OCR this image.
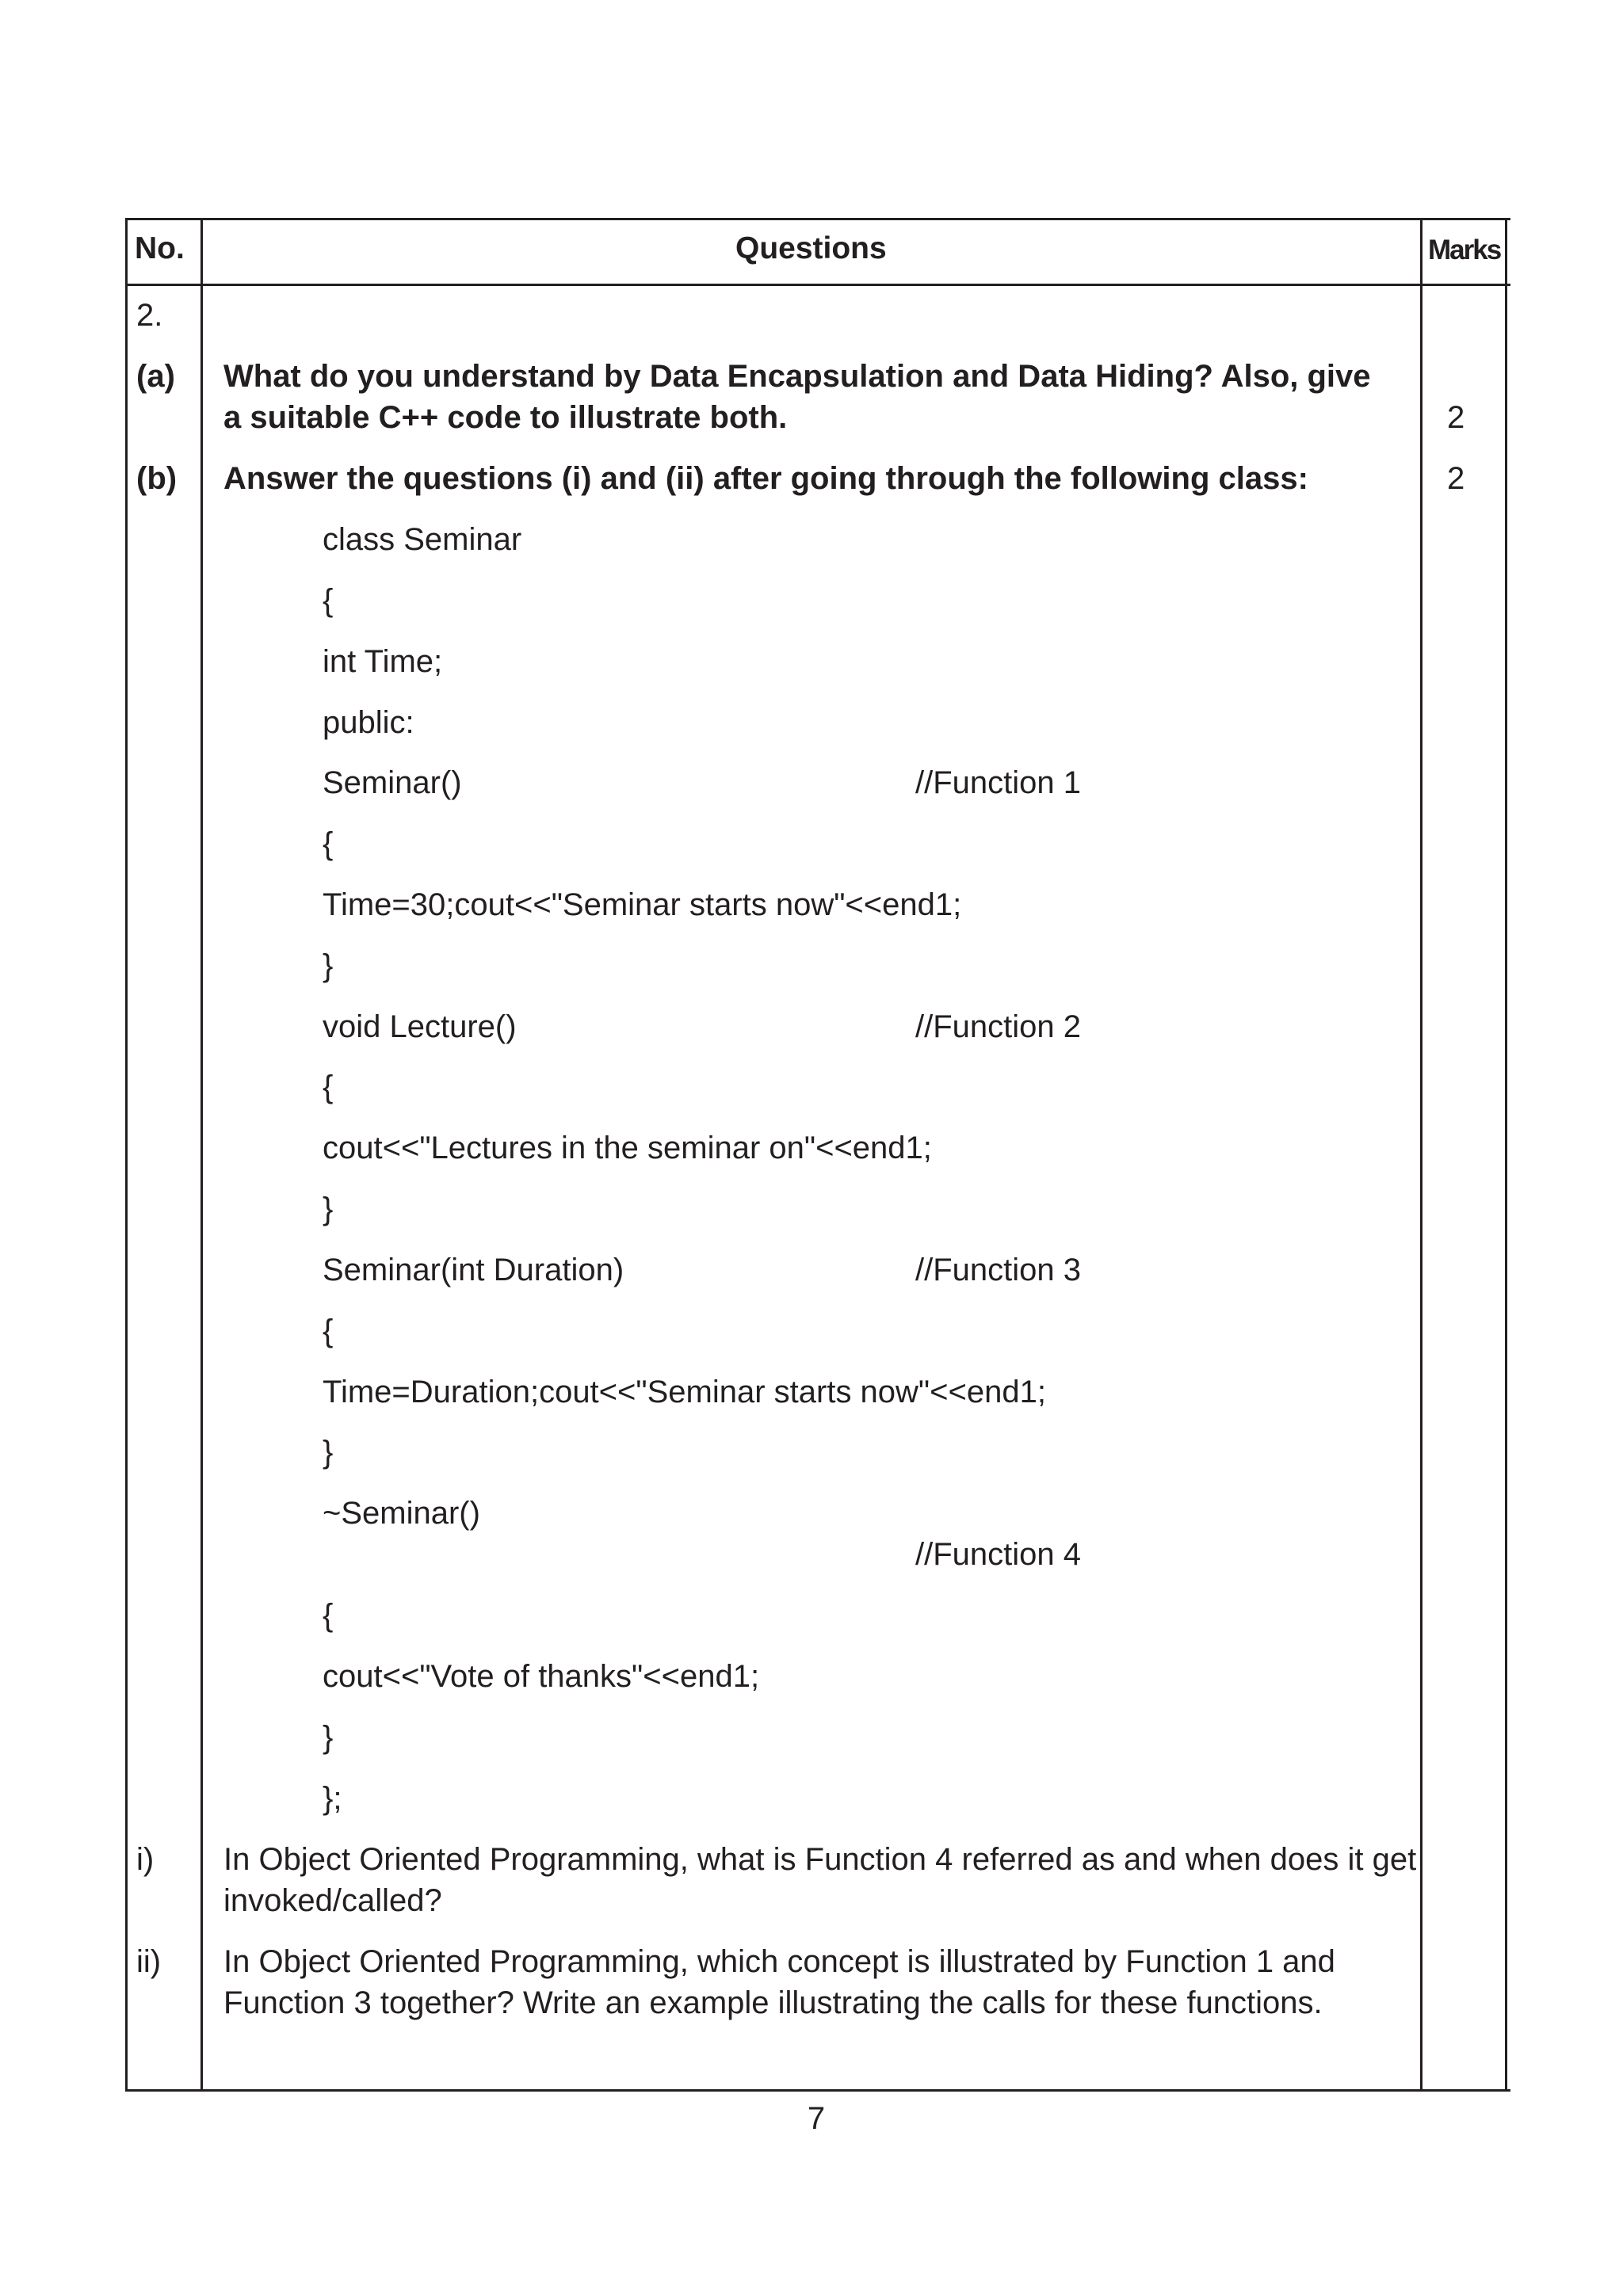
No.	Questions	Marks
2.
(a) What do you understand by Data Encapsulation and Data Hiding? Also, give
a suitable C++ code to illustrate both.	2
(b) Answer the questions (i) and (ii) after going through the following class:	2
class Seminar
{
int Time;
public:
Seminar()	//Function 1
{
Time=30;cout<<"Seminar starts now"<<end1;
}
void Lecture()	//Function 2
{
cout<<"Lectures in the seminar on"<<end1;
}
Seminar(int Duration)	//Function 3
{
Time=Duration;cout<<"Seminar starts now"<<end1;
}
~Seminar()
//Function 4
{
cout<<"Vote of thanks"<<end1;
}
};
i) In Object Oriented Programming, what is Function 4 referred as and when does it get
invoked/called?
ii) In Object Oriented Programming, which concept is illustrated by Function 1 and
Function 3 together? Write an example illustrating the calls for these functions.
7
